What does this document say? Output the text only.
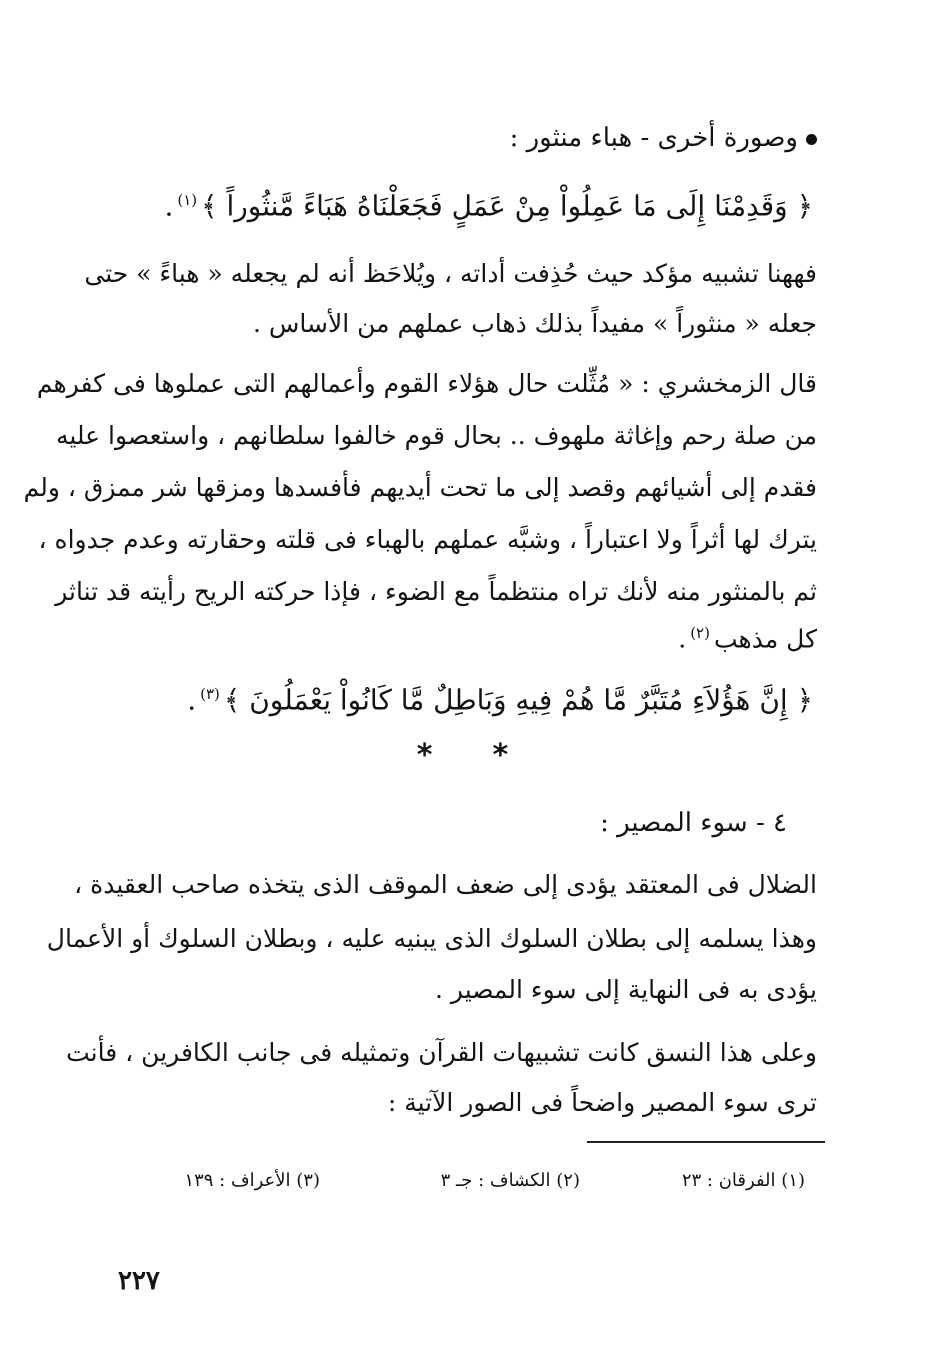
وصورة أخرى - هباء منثور :
﴿ وَقَدِمْنَا إِلَى مَا عَمِلُواْ مِنْ عَمَلٍ فَجَعَلْنَاهُ هَبَاءً مَّنثُوراً ﴾$^{(١)}$.
فههنا تشبيه مؤكد حيث حُذِفت أداته ، ويُلاحَظ أنه لم يجعله « هباءً » حتى
جعله « منثوراً » مفيداً بذلك ذهاب عملهم من الأساس .
قال الزمخشري : « مُثِّلت حال هؤلاء القوم وأعمالهم التى عملوها فى كفرهم
من صلة رحم وإغاثة ملهوف .. بحال قوم خالفوا سلطانهم ، واستعصوا عليه
فقدم إلى أشيائهم وقصد إلى ما تحت أيديهم فأفسدها ومزقها شر ممزق ، ولم
يترك لها أثراً ولا اعتباراً ، وشبَّه عملهم بالهباء فى قلته وحقارته وعدم جدواه ،
ثم بالمنثور منه لأنك تراه منتظماً مع الضوء ، فإذا حركته الريح رأيته قد تناثر
كل مذهب$^{(٢)}$.
﴿ إِنَّ هَؤُلاَءِ مُتَبَّرٌ مَّا هُمْ فِيهِ وَبَاطِلٌ مَّا كَانُواْ يَعْمَلُونَ ﴾$^{(٣)}$.
**
٤ - سوء المصير :
الضلال فى المعتقد يؤدى إلى ضعف الموقف الذى يتخذه صاحب العقيدة ،
وهذا يسلمه إلى بطلان السلوك الذى يبنيه عليه ، وبطلان السلوك أو الأعمال
يؤدى به فى النهاية إلى سوء المصير .
وعلى هذا النسق كانت تشبيهات القرآن وتمثيله فى جانب الكافرين ، فأنت
ترى سوء المصير واضحاً فى الصور الآتية :
(١) الفرقان : ٢٣
(٢) الكشاف : جـ ٣
(٣) الأعراف : ١٣٩
٢٢٧
